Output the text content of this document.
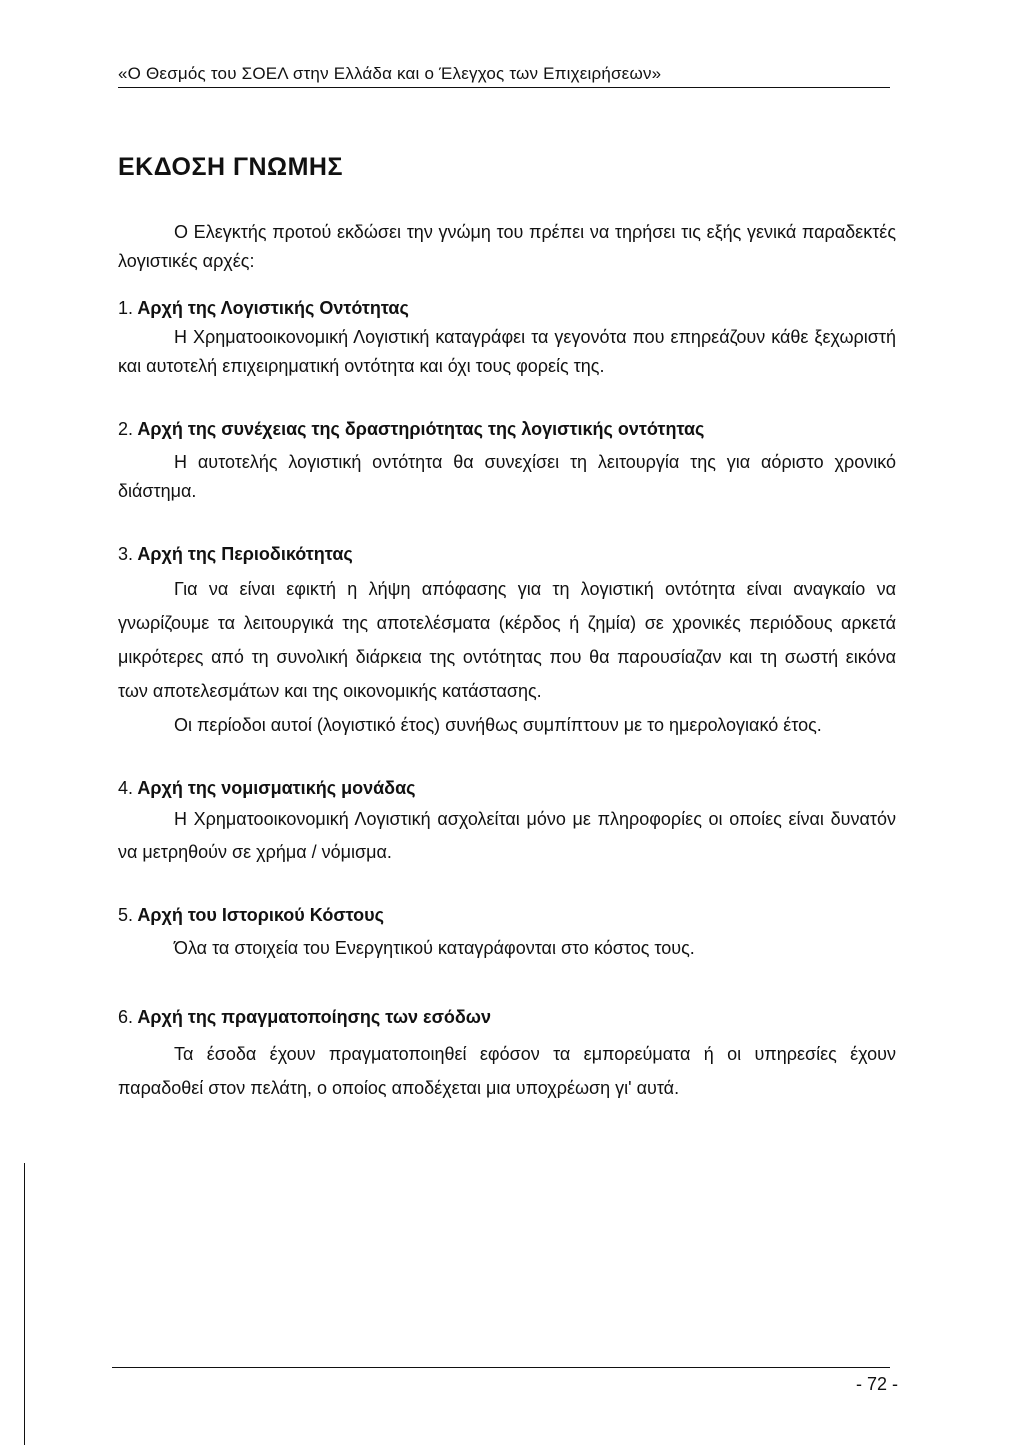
«Ο Θεσμός του ΣΟΕΛ στην Ελλάδα και ο Έλεγχος των Επιχειρήσεων»
ΕΚΔΟΣΗ ΓΝΩΜΗΣ

Ο Ελεγκτής προτού εκδώσει την γνώμη του πρέπει να τηρήσει τις εξής γενικά παραδεκτές λογιστικές αρχές:

1. Αρχή της Λογιστικής Οντότητας

Η Χρηματοοικονομική Λογιστική καταγράφει τα γεγονότα που επηρεάζουν κάθε ξεχωριστή και αυτοτελή επιχειρηματική οντότητα και όχι τους φορείς της.

2. Αρχή της συνέχειας της δραστηριότητας της λογιστικής οντότητας

Η αυτοτελής λογιστική οντότητα θα συνεχίσει τη λειτουργία της για αόριστο χρονικό διάστημα.

3. Αρχή της Περιοδικότητας

Για να είναι εφικτή η λήψη απόφασης για τη λογιστική οντότητα είναι αναγκαίο να γνωρίζουμε τα λειτουργικά της αποτελέσματα (κέρδος ή ζημία) σε χρονικές περιόδους αρκετά μικρότερες από τη συνολική διάρκεια της οντότητας που θα παρουσίαζαν και τη σωστή εικόνα των αποτελεσμάτων και της οικονομικής κατάστασης.

Οι περίοδοι αυτοί (λογιστικό έτος) συνήθως συμπίπτουν με το ημερολογιακό έτος.

4. Αρχή της νομισματικής μονάδας

Η Χρηματοοικονομική Λογιστική ασχολείται μόνο με πληροφορίες οι οποίες είναι δυνατόν να μετρηθούν σε χρήμα / νόμισμα.

5. Αρχή του Ιστορικού Κόστους

Όλα τα στοιχεία του Ενεργητικού καταγράφονται στο κόστος τους.

6. Αρχή της πραγματοποίησης των εσόδων

Τα έσοδα έχουν πραγματοποιηθεί εφόσον τα εμπορεύματα ή οι υπηρεσίες έχουν παραδοθεί στον πελάτη, ο οποίος αποδέχεται μια υποχρέωση γι' αυτά.

- 72 -
